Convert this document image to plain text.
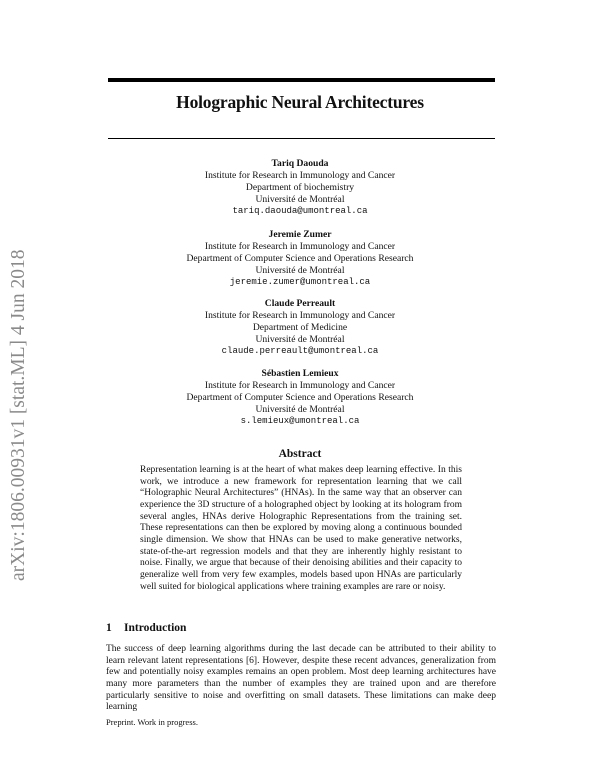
Holographic Neural Architectures
arXiv:1806.00931v1 [stat.ML] 4 Jun 2018
Tariq Daouda
Institute for Research in Immunology and Cancer
Department of biochemistry
Université de Montréal
tariq.daouda@umontreal.ca
Jeremie Zumer
Institute for Research in Immunology and Cancer
Department of Computer Science and Operations Research
Université de Montréal
jeremie.zumer@umontreal.ca
Claude Perreault
Institute for Research in Immunology and Cancer
Department of Medicine
Université de Montréal
claude.perreault@umontreal.ca
Sébastien Lemieux
Institute for Research in Immunology and Cancer
Department of Computer Science and Operations Research
Université de Montréal
s.lemieux@umontreal.ca
Abstract
Representation learning is at the heart of what makes deep learning effective. In this work, we introduce a new framework for representation learning that we call “Holographic Neural Architectures” (HNAs). In the same way that an observer can experience the 3D structure of a holographed object by looking at its hologram from several angles, HNAs derive Holographic Representations from the training set. These representations can then be explored by moving along a continuous bounded single dimension. We show that HNAs can be used to make generative networks, state-of-the-art regression models and that they are inherently highly resistant to noise. Finally, we argue that because of their denoising abilities and their capacity to generalize well from very few examples, models based upon HNAs are particularly well suited for biological applications where training examples are rare or noisy.
1 Introduction
The success of deep learning algorithms during the last decade can be attributed to their ability to learn relevant latent representations [6]. However, despite these recent advances, generalization from few and potentially noisy examples remains an open problem. Most deep learning architectures have many more parameters than the number of examples they are trained upon and are therefore particularly sensitive to noise and overfitting on small datasets. These limitations can make deep learning
Preprint. Work in progress.
